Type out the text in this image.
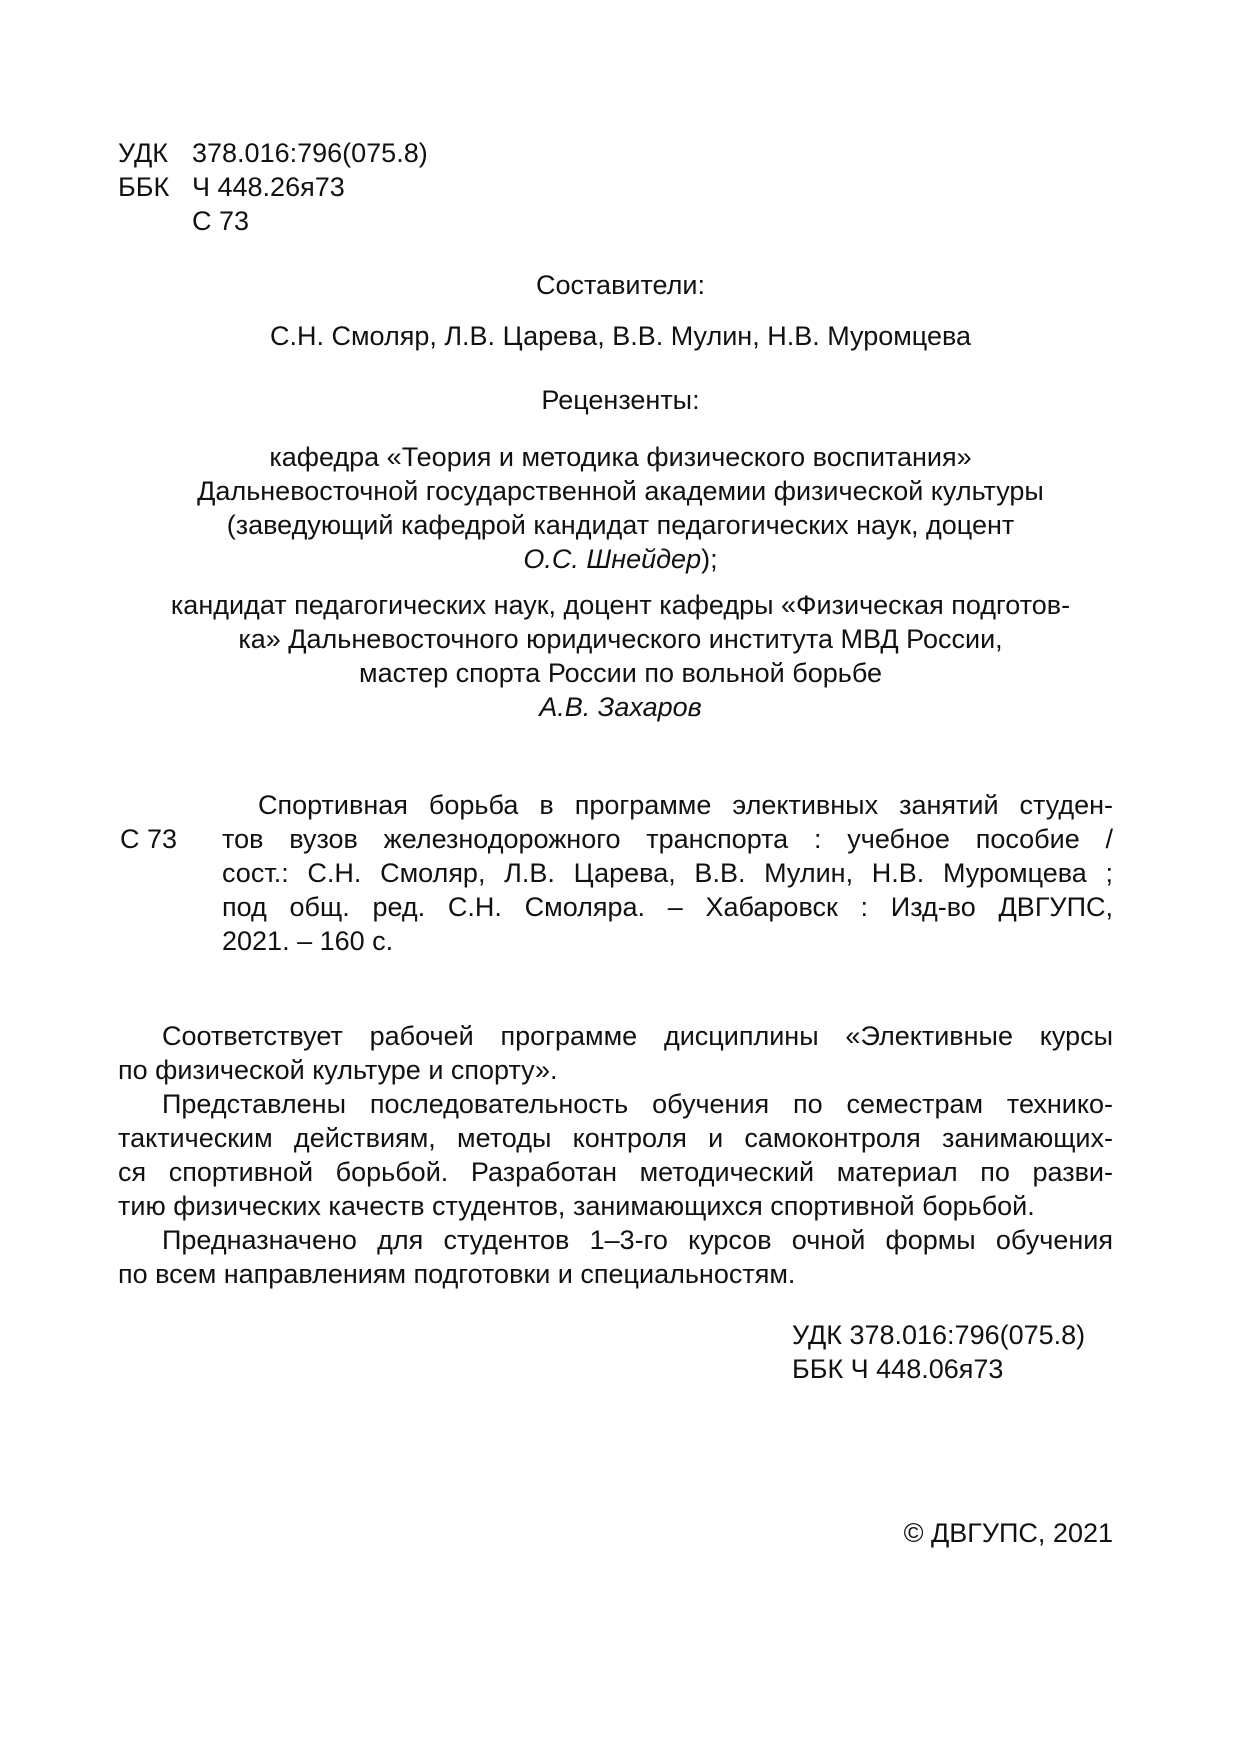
УДК 378.016:796(075.8)
ББК Ч 448.26я73
С 73
Составители:
С.Н. Смоляр, Л.В. Царева, В.В. Мулин, Н.В. Муромцева
Рецензенты:
кафедра «Теория и методика физического воспитания»
Дальневосточной государственной академии физической культуры
(заведующий кафедрой кандидат педагогических наук, доцент
О.С. Шнейдер);
кандидат педагогических наук, доцент кафедры «Физическая подготов-
ка» Дальневосточного юридического института МВД России,
мастер спорта России по вольной борьбе
А.В. Захаров
С 73
Спортивная борьба в программе элективных занятий студен-
тов вузов железнодорожного транспорта : учебное пособие /
сост.: С.Н. Смоляр, Л.В. Царева, В.В. Мулин, Н.В. Муромцева ;
под общ. ред. С.Н. Смоляра. – Хабаровск : Изд-во ДВГУПС,
2021. – 160 с.
Соответствует рабочей программе дисциплины «Элективные курсы
по физической культуре и спорту».
Представлены последовательность обучения по семестрам технико-
тактическим действиям, методы контроля и самоконтроля занимающих-
ся спортивной борьбой. Разработан методический материал по разви-
тию физических качеств студентов, занимающихся спортивной борьбой.
Предназначено для студентов 1–3-го курсов очной формы обучения
по всем направлениям подготовки и специальностям.
УДК 378.016:796(075.8)
ББК Ч 448.06я73
© ДВГУПС, 2021
